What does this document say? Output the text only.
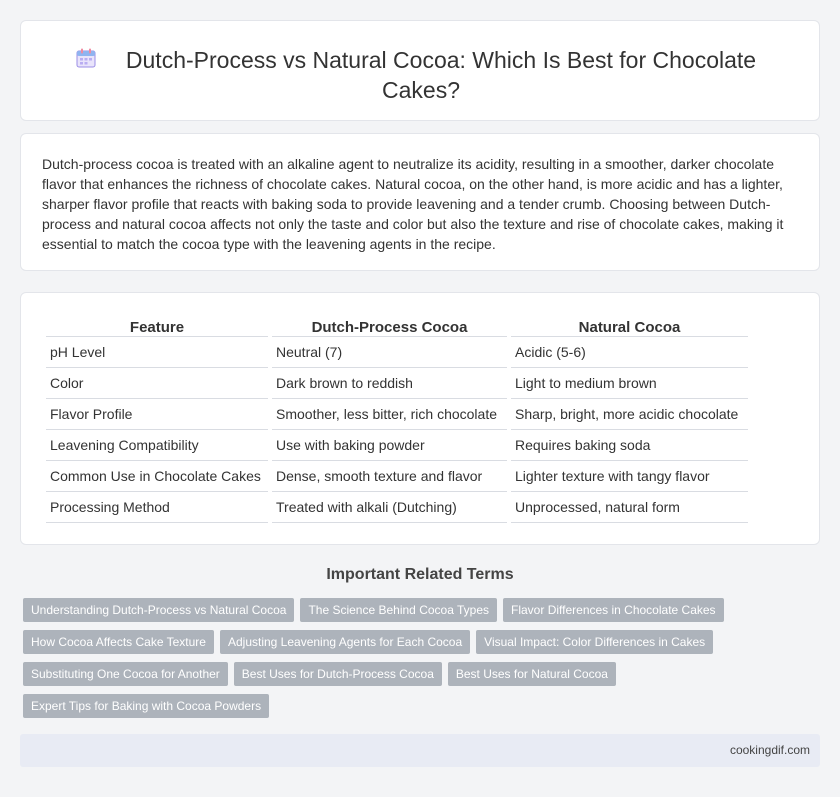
Dutch-Process vs Natural Cocoa: Which Is Best for Chocolate Cakes?

Dutch-process cocoa is treated with an alkaline agent to neutralize its acidity, resulting in a smoother, darker chocolate flavor that enhances the richness of chocolate cakes. Natural cocoa, on the other hand, is more acidic and has a lighter, sharper flavor profile that reacts with baking soda to provide leavening and a tender crumb. Choosing between Dutch-process and natural cocoa affects not only the taste and color but also the texture and rise of chocolate cakes, making it essential to match the cocoa type with the leavening agents in the recipe.

Feature	Dutch-Process Cocoa	Natural Cocoa
pH Level	Neutral (7)	Acidic (5-6)
Color	Dark brown to reddish	Light to medium brown
Flavor Profile	Smoother, less bitter, rich chocolate	Sharp, bright, more acidic chocolate
Leavening Compatibility	Use with baking powder	Requires baking soda
Common Use in Chocolate Cakes	Dense, smooth texture and flavor	Lighter texture with tangy flavor
Processing Method	Treated with alkali (Dutching)	Unprocessed, natural form
Important Related Terms
Understanding Dutch-Process vs Natural Cocoa	The Science Behind Cocoa Types	Flavor Differences in Chocolate Cakes
How Cocoa Affects Cake Texture	Adjusting Leavening Agents for Each Cocoa	Visual Impact: Color Differences in Cakes
Substituting One Cocoa for Another	Best Uses for Dutch-Process Cocoa	Best Uses for Natural Cocoa
Expert Tips for Baking with Cocoa Powders
cookingdif.com
